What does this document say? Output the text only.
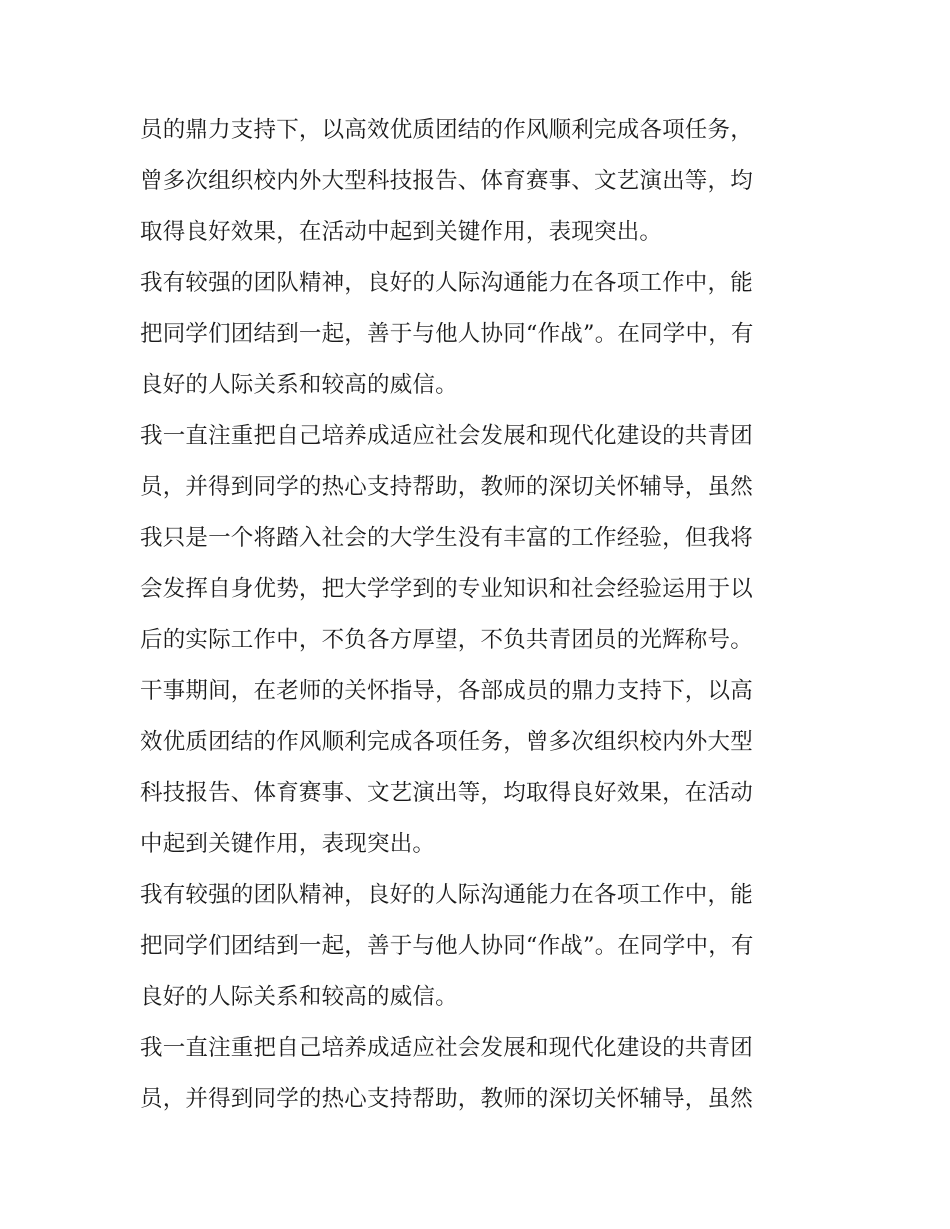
员的鼎力支持下，以高效优质团结的作风顺利完成各项任务，
曾多次组织校内外大型科技报告、体育赛事、文艺演出等，均
取得良好效果，在活动中起到关键作用，表现突出。
我有较强的团队精神，良好的人际沟通能力在各项工作中，能
把同学们团结到一起，善于与他人协同“作战”。在同学中，有
良好的人际关系和较高的威信。
我一直注重把自己培养成适应社会发展和现代化建设的共青团
员，并得到同学的热心支持帮助，教师的深切关怀辅导，虽然
我只是一个将踏入社会的大学生没有丰富的工作经验，但我将
会发挥自身优势，把大学学到的专业知识和社会经验运用于以
后的实际工作中，不负各方厚望，不负共青团员的光辉称号。
干事期间，在老师的关怀指导，各部成员的鼎力支持下，以高
效优质团结的作风顺利完成各项任务，曾多次组织校内外大型
科技报告、体育赛事、文艺演出等，均取得良好效果，在活动
中起到关键作用，表现突出。
我有较强的团队精神，良好的人际沟通能力在各项工作中，能
把同学们团结到一起，善于与他人协同“作战”。在同学中，有
良好的人际关系和较高的威信。
我一直注重把自己培养成适应社会发展和现代化建设的共青团
员，并得到同学的热心支持帮助，教师的深切关怀辅导，虽然
